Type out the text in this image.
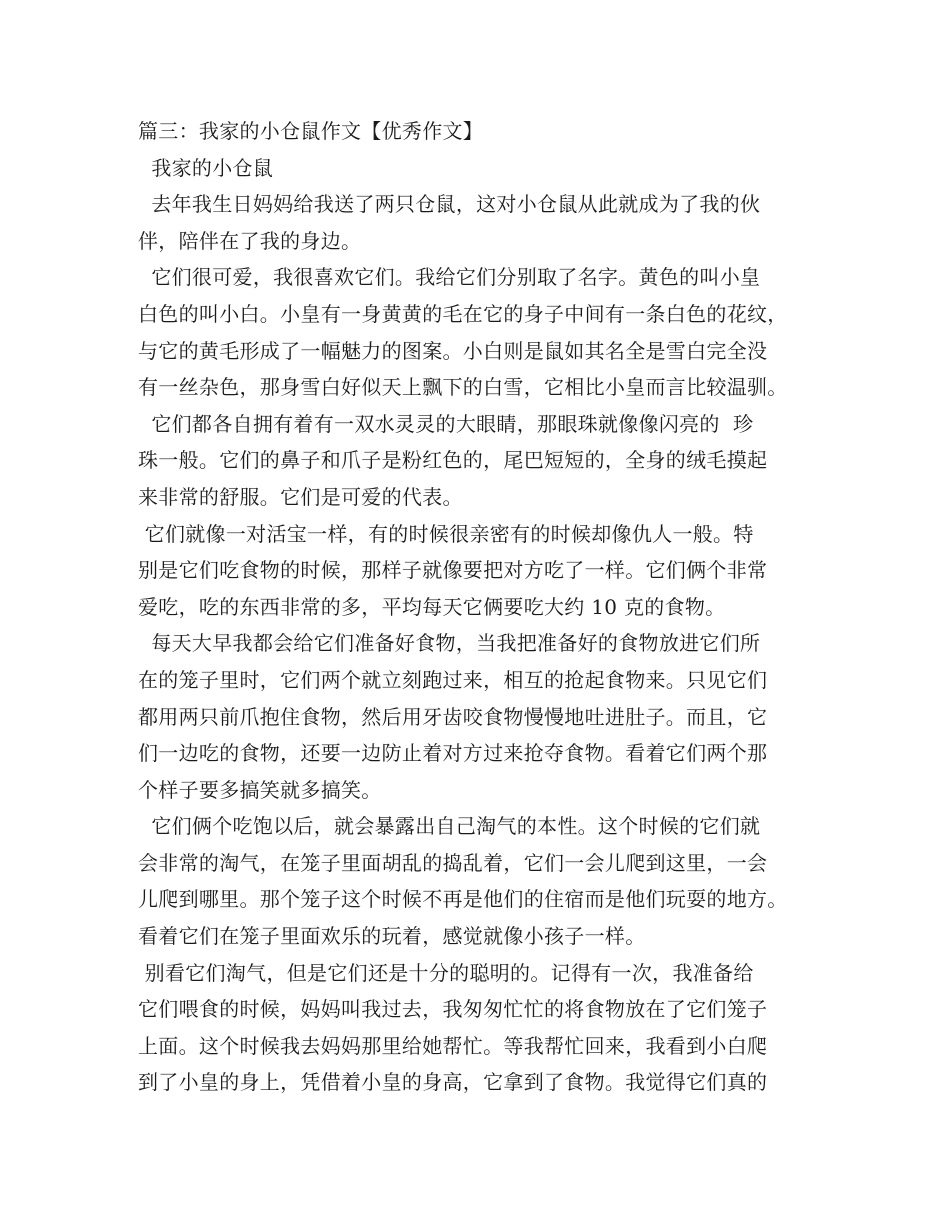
篇三：我家的小仓鼠作文【优秀作文】
我家的小仓鼠
去年我生日妈妈给我送了两只仓鼠，这对小仓鼠从此就成为了我的伙
伴，陪伴在了我的身边。
它们很可爱，我很喜欢它们。我给它们分别取了名字。黄色的叫小皇
白色的叫小白。小皇有一身黄黄的毛在它的身子中间有一条白色的花纹，
与它的黄毛形成了一幅魅力的图案。小白则是鼠如其名全是雪白完全没
有一丝杂色，那身雪白好似天上飘下的白雪，它相比小皇而言比较温驯。
它们都各自拥有着有一双水灵灵的大眼睛，那眼珠就像像闪亮的  珍
珠一般。它们的鼻子和爪子是粉红色的，尾巴短短的，全身的绒毛摸起
来非常的舒服。它们是可爱的代表。
它们就像一对活宝一样，有的时候很亲密有的时候却像仇人一般。特
别是它们吃食物的时候，那样子就像要把对方吃了一样。它们俩个非常
爱吃，吃的东西非常的多，平均每天它俩要吃大约 10 克的食物。
每天大早我都会给它们准备好食物，当我把准备好的食物放进它们所
在的笼子里时，它们两个就立刻跑过来，相互的抢起食物来。只见它们
都用两只前爪抱住食物，然后用牙齿咬食物慢慢地吐进肚子。而且，它
们一边吃的食物，还要一边防止着对方过来抢夺食物。看着它们两个那
个样子要多搞笑就多搞笑。
它们俩个吃饱以后，就会暴露出自己淘气的本性。这个时候的它们就
会非常的淘气，在笼子里面胡乱的捣乱着，它们一会儿爬到这里，一会
儿爬到哪里。那个笼子这个时候不再是他们的住宿而是他们玩耍的地方。
看着它们在笼子里面欢乐的玩着，感觉就像小孩子一样。
别看它们淘气，但是它们还是十分的聪明的。记得有一次，我准备给
它们喂食的时候，妈妈叫我过去，我匆匆忙忙的将食物放在了它们笼子
上面。这个时候我去妈妈那里给她帮忙。等我帮忙回来，我看到小白爬
到了小皇的身上，凭借着小皇的身高，它拿到了食物。我觉得它们真的
